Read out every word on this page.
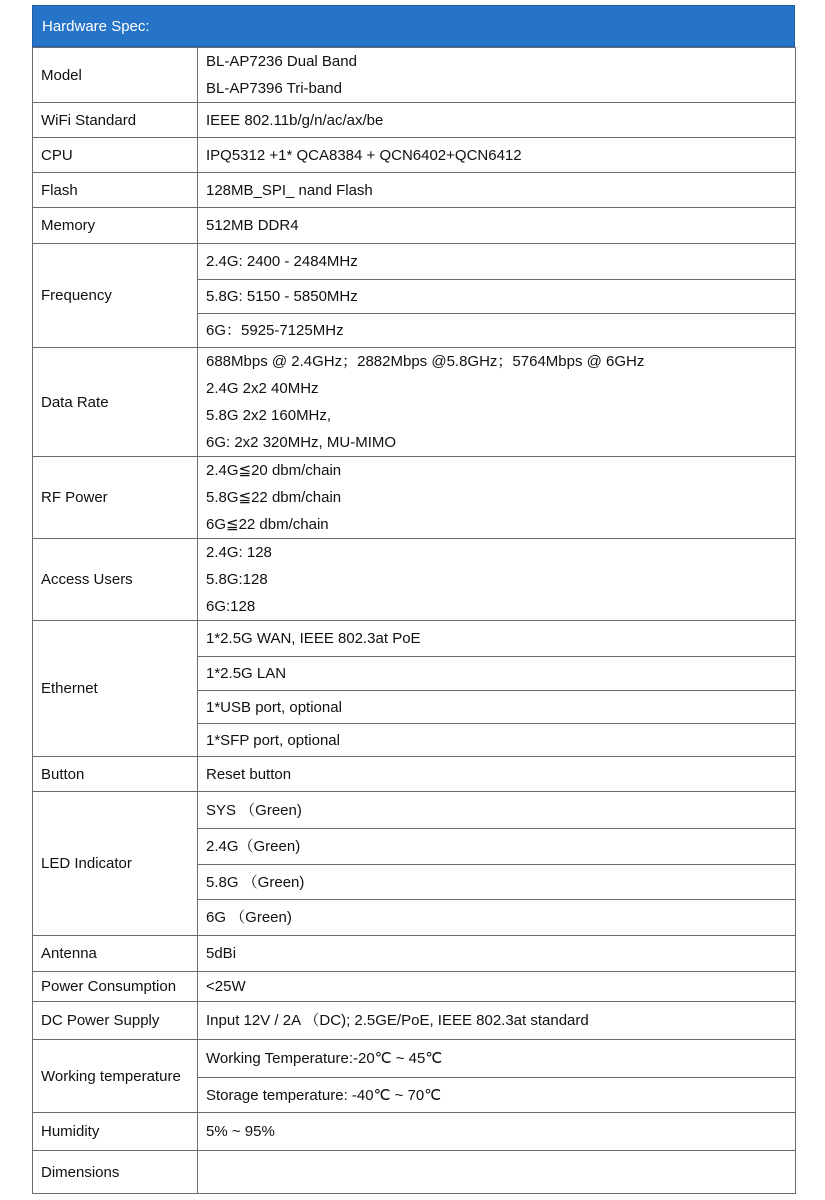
Hardware Spec:
Model	BL-AP7236 Dual Band
BL-AP7396 Tri-band

WiFi Standard	IEEE 802.11b/g/n/ac/ax/be

CPU	IPQ5312 +1* QCA8384 + QCN6402+QCN6412

Flash	128MB_SPI_ nand Flash

Memory	512MB DDR4

Frequency	2.4G: 2400 - 2484MHz

	5.8G: 5150 - 5850MHz

	6G：5925-7125MHz

Data Rate	688Mbps @ 2.4GHz；2882Mbps @5.8GHz；5764Mbps @ 6GHz
2.4G 2x2 40MHz
5.8G 2x2 160MHz,
6G: 2x2 320MHz, MU-MIMO

RF Power	2.4G≦20 dbm/chain
5.8G≦22 dbm/chain
6G≦22 dbm/chain

Access Users	2.4G: 128
5.8G:128
6G:128

Ethernet	1*2.5G WAN, IEEE 802.3at PoE

	1*2.5G LAN

	1*USB port, optional

	1*SFP port, optional

Button	Reset button

LED Indicator	SYS （Green)

	2.4G（Green)

	5.8G （Green)

	6G （Green)

Antenna	5dBi

Power Consumption	<25W

DC Power Supply	Input 12V / 2A （DC); 2.5GE/PoE, IEEE 802.3at standard

Working temperature	Working Temperature:-20℃ ~ 45℃

	Storage temperature: -40℃ ~ 70℃

Humidity	5% ~ 95%

Dimensions	
